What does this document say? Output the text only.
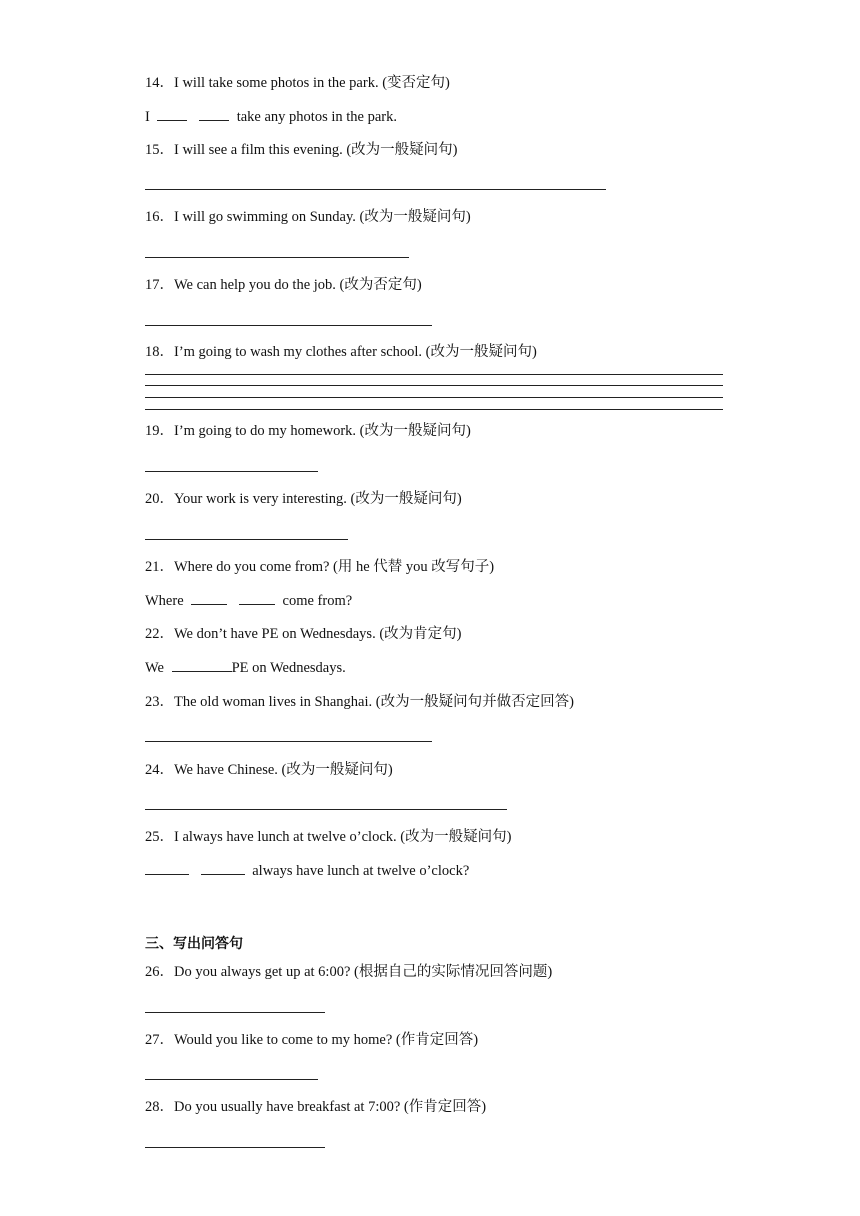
14．I will take some photos in the park. (变否定句)
I	take any photos in the park.
15．I will see a film this evening. (改为一般疑问句)
16．I will go swimming on Sunday. (改为一般疑问句)
17．We can help you do the job. (改为否定句)
18．I’m going to wash my clothes after school. (改为一般疑问句)
19．I’m going to do my homework. (改为一般疑问句)
20．Your work is very interesting. (改为一般疑问句)
21．Where do you come from? (用 he 代替 you 改写句子)
Where	come from?
22．We don’t have PE on Wednesdays. (改为肯定句)
We	PE on Wednesdays.
23．The old woman lives in Shanghai. (改为一般疑问句并做否定回答)
24．We have Chinese. (改为一般疑问句)
25．I always have lunch at twelve o’clock. (改为一般疑问句)
always have lunch at twelve o’clock?
三、写出问答句
26．Do you always get up at 6:00? (根据自己的实际情况回答问题)
27．Would you like to come to my home? (作肯定回答)
28．Do you usually have breakfast at 7:00? (作肯定回答)
